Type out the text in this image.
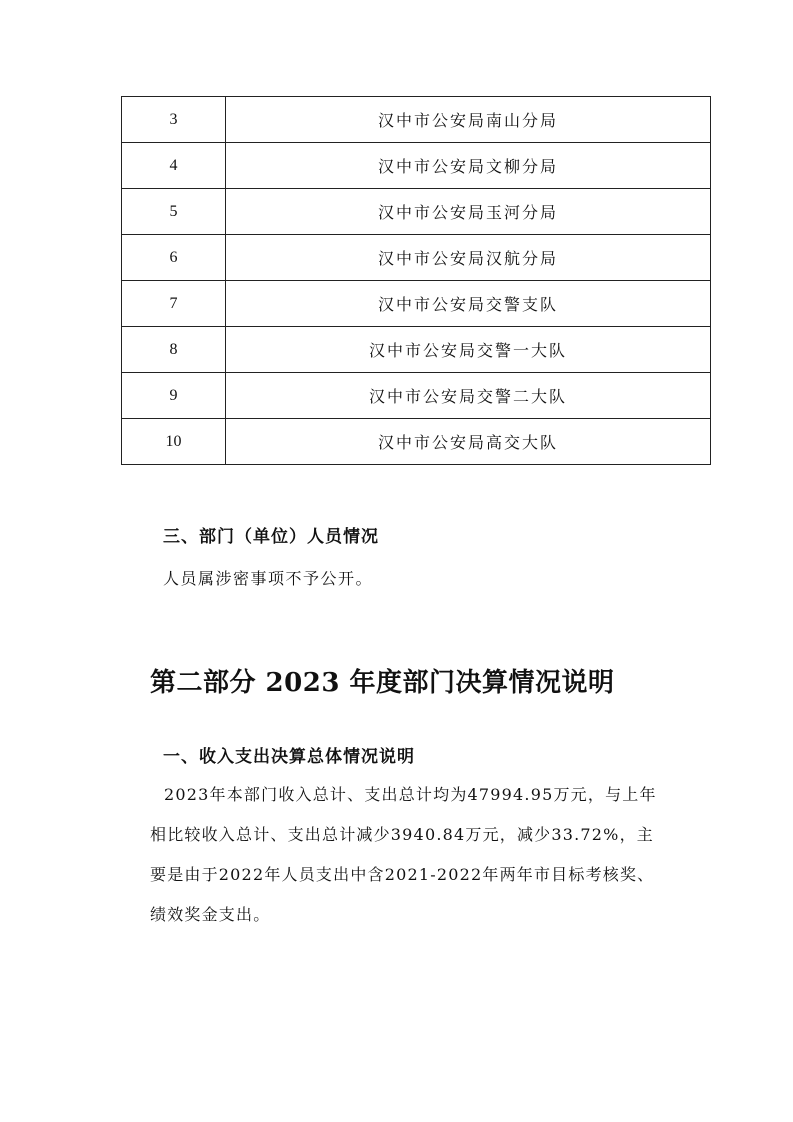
3	汉中市公安局南山分局
4	汉中市公安局文柳分局
5	汉中市公安局玉河分局
6	汉中市公安局汉航分局
7	汉中市公安局交警支队
8	汉中市公安局交警一大队
9	汉中市公安局交警二大队
10	汉中市公安局高交大队
三、部门（单位）人员情况
人员属涉密事项不予公开。
第二部分 2023 年度部门决算情况说明
一、收入支出决算总体情况说明
2023年本部门收入总计、支出总计均为47994.95万元，与上年相比较收入总计、支出总计减少3940.84万元，减少33.72%，主要是由于2022年人员支出中含2021-2022年两年市目标考核奖、绩效奖金支出。
